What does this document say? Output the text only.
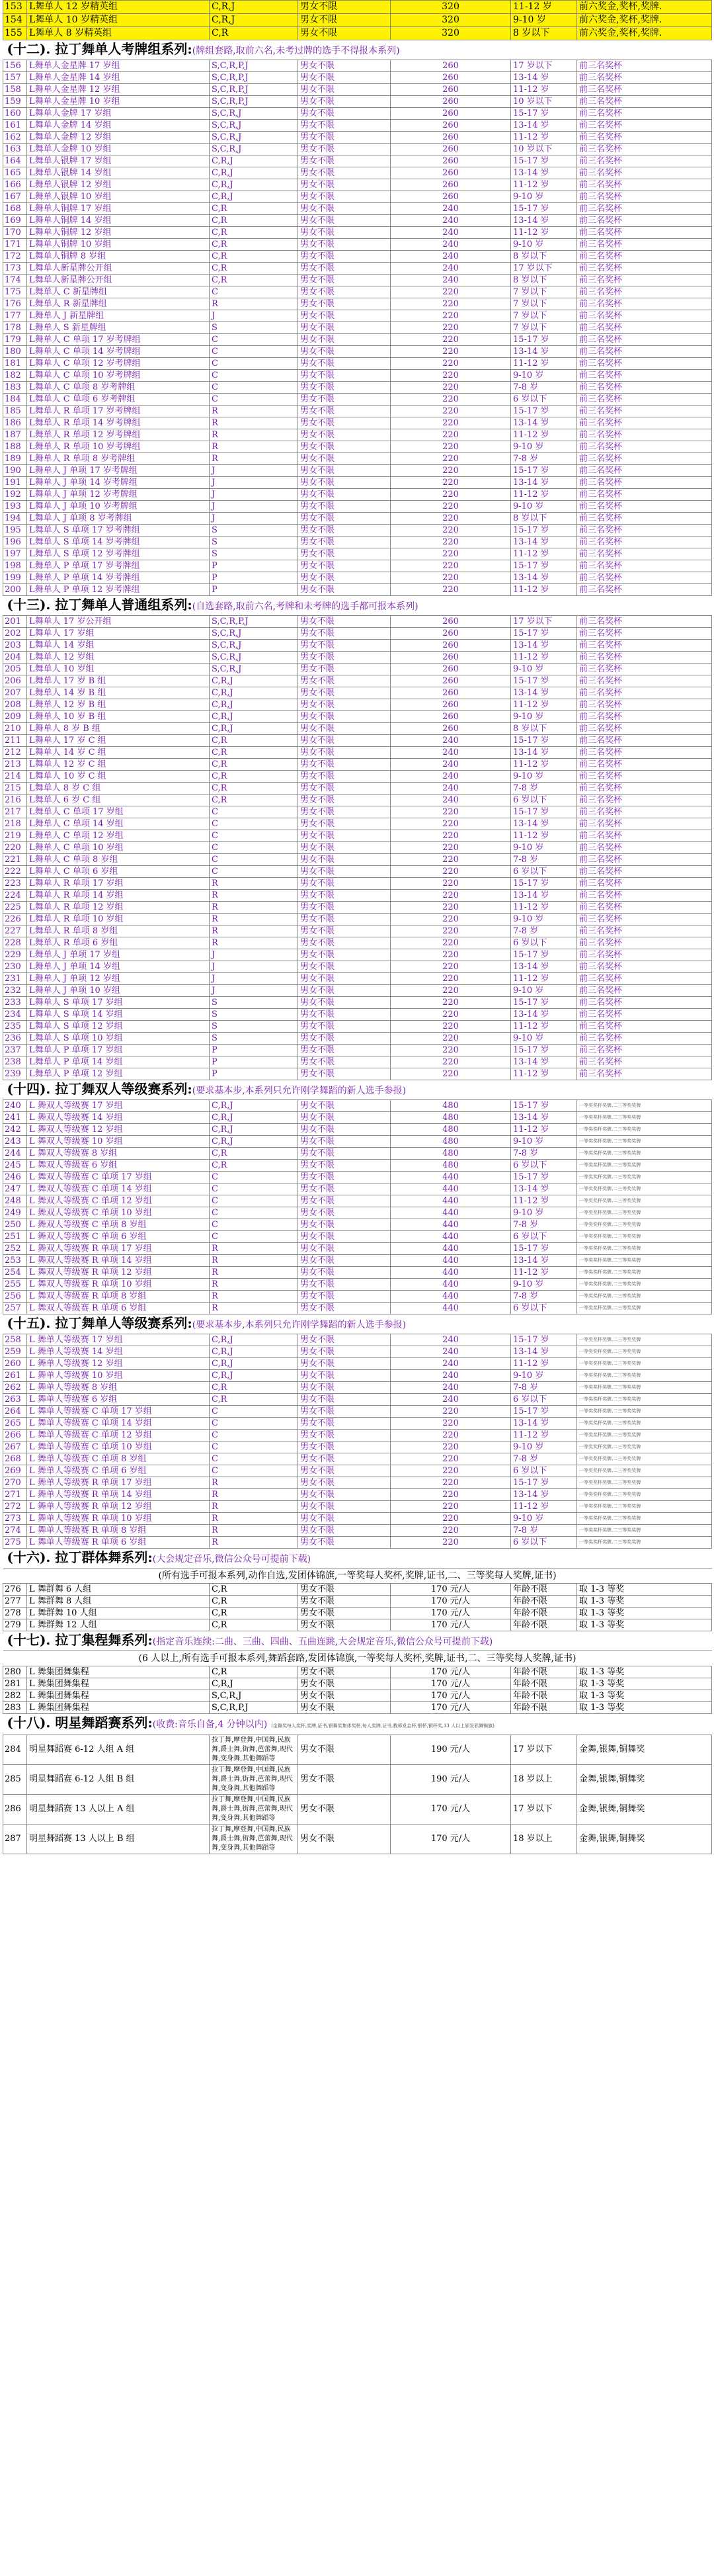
153	L舞单人 12 岁精英组	C,R,J	男女不限	320	11-12 岁	前六奖金,奖杯,奖牌.
154	L舞单人 10 岁精英组	C,R,J	男女不限	320	9-10 岁	前六奖金,奖杯,奖牌.
155	L舞单人 8 岁精英组	C,R	男女不限	320	8 岁以下	前六奖金,奖杯,奖牌.
(十二). 拉丁舞单人考牌组系列:(牌组套路,取前六名,未考过牌的选手不得报本系列)						
156	L舞单人金星牌 17 岁组	S,C,R,P,J	男女不限	260	17 岁以下	前三名奖杯
157	L舞单人金星牌 14 岁组	S,C,R,P,J	男女不限	260	13-14 岁	前三名奖杯
158	L舞单人金星牌 12 岁组	S,C,R,P,J	男女不限	260	11-12 岁	前三名奖杯
159	L舞单人金星牌 10 岁组	S,C,R,P,J	男女不限	260	10 岁以下	前三名奖杯
160	L舞单人金牌 17 岁组	S,C,R,J	男女不限	260	15-17 岁	前三名奖杯
161	L舞单人金牌 14 岁组	S,C,R,J	男女不限	260	13-14 岁	前三名奖杯
162	L舞单人金牌 12 岁组	S,C,R,J	男女不限	260	11-12 岁	前三名奖杯
163	L舞单人金牌 10 岁组	S,C,R,J	男女不限	260	10 岁以下	前三名奖杯
164	L舞单人银牌 17 岁组	C,R,J	男女不限	260	15-17 岁	前三名奖杯
165	L舞单人银牌 14 岁组	C,R,J	男女不限	260	13-14 岁	前三名奖杯
166	L舞单人银牌 12 岁组	C,R,J	男女不限	260	11-12 岁	前三名奖杯
167	L舞单人银牌 10 岁组	C,R,J	男女不限	260	9-10 岁	前三名奖杯
168	L舞单人铜牌 17 岁组	C,R	男女不限	240	15-17 岁	前三名奖杯
169	L舞单人铜牌 14 岁组	C,R	男女不限	240	13-14 岁	前三名奖杯
170	L舞单人铜牌 12 岁组	C,R	男女不限	240	11-12 岁	前三名奖杯
171	L舞单人铜牌 10 岁组	C,R	男女不限	240	9-10 岁	前三名奖杯
172	L舞单人铜牌 8 岁组	C,R	男女不限	240	8 岁以下	前三名奖杯
173	L舞单人新星牌公开组	C,R	男女不限	240	17 岁以下	前三名奖杯
174	L舞单人新星牌公开组	C,R	男女不限	240	8 岁以下	前三名奖杯
175	L舞单人 C 新星牌组	C	男女不限	220	7 岁以下	前三名奖杯
176	L舞单人 R 新星牌组	R	男女不限	220	7 岁以下	前三名奖杯
177	L舞单人 J 新星牌组	J	男女不限	220	7 岁以下	前三名奖杯
178	L舞单人 S 新星牌组	S	男女不限	220	7 岁以下	前三名奖杯
179	L舞单人 C 单项 17 岁考牌组	C	男女不限	220	15-17 岁	前三名奖杯
180	L舞单人 C 单项 14 岁考牌组	C	男女不限	220	13-14 岁	前三名奖杯
181	L舞单人 C 单项 12 岁考牌组	C	男女不限	220	11-12 岁	前三名奖杯
182	L舞单人 C 单项 10 岁考牌组	C	男女不限	220	9-10 岁	前三名奖杯
183	L舞单人 C 单项 8 岁考牌组	C	男女不限	220	7-8 岁	前三名奖杯
184	L舞单人 C 单项 6 岁考牌组	C	男女不限	220	6 岁以下	前三名奖杯
185	L舞单人 R 单项 17 岁考牌组	R	男女不限	220	15-17 岁	前三名奖杯
186	L舞单人 R 单项 14 岁考牌组	R	男女不限	220	13-14 岁	前三名奖杯
187	L舞单人 R 单项 12 岁考牌组	R	男女不限	220	11-12 岁	前三名奖杯
188	L舞单人 R 单项 10 岁考牌组	R	男女不限	220	9-10 岁	前三名奖杯
189	L舞单人 R 单项 8 岁考牌组	R	男女不限	220	7-8 岁	前三名奖杯
190	L舞单人 J 单项 17 岁考牌组	J	男女不限	220	15-17 岁	前三名奖杯
191	L舞单人 J 单项 14 岁考牌组	J	男女不限	220	13-14 岁	前三名奖杯
192	L舞单人 J 单项 12 岁考牌组	J	男女不限	220	11-12 岁	前三名奖杯
193	L舞单人 J 单项 10 岁考牌组	J	男女不限	220	9-10 岁	前三名奖杯
194	L舞单人 J 单项 8 岁考牌组	J	男女不限	220	8 岁以下	前三名奖杯
195	L舞单人 S 单项 17 岁考牌组	S	男女不限	220	15-17 岁	前三名奖杯
196	L舞单人 S 单项 14 岁考牌组	S	男女不限	220	13-14 岁	前三名奖杯
197	L舞单人 S 单项 12 岁考牌组	S	男女不限	220	11-12 岁	前三名奖杯
198	L舞单人 P 单项 17 岁考牌组	P	男女不限	220	15-17 岁	前三名奖杯
199	L舞单人 P 单项 14 岁考牌组	P	男女不限	220	13-14 岁	前三名奖杯
200	L舞单人 P 单项 12 岁考牌组	P	男女不限	220	11-12 岁	前三名奖杯
(十三). 拉丁舞单人普通组系列:(自选套路,取前六名,考牌和未考牌的选手都可报本系列)						
201	L舞单人 17 岁公开组	S,C,R,P,J	男女不限	260	17 岁以下	前三名奖杯
202	L舞单人 17 岁组	S,C,R,J	男女不限	260	15-17 岁	前三名奖杯
203	L舞单人 14 岁组	S,C,R,J	男女不限	260	13-14 岁	前三名奖杯
204	L舞单人 12 岁组	S,C,R,J	男女不限	260	11-12 岁	前三名奖杯
205	L舞单人 10 岁组	S,C,R,J	男女不限	260	9-10 岁	前三名奖杯
206	L舞单人 17 岁 B 组	C,R,J	男女不限	260	15-17 岁	前三名奖杯
207	L舞单人 14 岁 B 组	C,R,J	男女不限	260	13-14 岁	前三名奖杯
208	L舞单人 12 岁 B 组	C,R,J	男女不限	260	11-12 岁	前三名奖杯
209	L舞单人 10 岁 B 组	C,R,J	男女不限	260	9-10 岁	前三名奖杯
210	L舞单人 8 岁 B 组	C,R,J	男女不限	260	8 岁以下	前三名奖杯
211	L舞单人 17 岁 C 组	C,R	男女不限	240	15-17 岁	前三名奖杯
212	L舞单人 14 岁 C 组	C,R	男女不限	240	13-14 岁	前三名奖杯
213	L舞单人 12 岁 C 组	C,R	男女不限	240	11-12 岁	前三名奖杯
214	L舞单人 10 岁 C 组	C,R	男女不限	240	9-10 岁	前三名奖杯
215	L舞单人 8 岁 C 组	C,R	男女不限	240	7-8 岁	前三名奖杯
216	L舞单人 6 岁 C 组	C,R	男女不限	240	6 岁以下	前三名奖杯
217	L舞单人 C 单项 17 岁组	C	男女不限	220	15-17 岁	前三名奖杯
218	L舞单人 C 单项 14 岁组	C	男女不限	220	13-14 岁	前三名奖杯
219	L舞单人 C 单项 12 岁组	C	男女不限	220	11-12 岁	前三名奖杯
220	L舞单人 C 单项 10 岁组	C	男女不限	220	9-10 岁	前三名奖杯
221	L舞单人 C 单项 8 岁组	C	男女不限	220	7-8 岁	前三名奖杯
222	L舞单人 C 单项 6 岁组	C	男女不限	220	6 岁以下	前三名奖杯
223	L舞单人 R 单项 17 岁组	R	男女不限	220	15-17 岁	前三名奖杯
224	L舞单人 R 单项 14 岁组	R	男女不限	220	13-14 岁	前三名奖杯
225	L舞单人 R 单项 12 岁组	R	男女不限	220	11-12 岁	前三名奖杯
226	L舞单人 R 单项 10 岁组	R	男女不限	220	9-10 岁	前三名奖杯
227	L舞单人 R 单项 8 岁组	R	男女不限	220	7-8 岁	前三名奖杯
228	L舞单人 R 单项 6 岁组	R	男女不限	220	6 岁以下	前三名奖杯
229	L舞单人 J 单项 17 岁组	J	男女不限	220	15-17 岁	前三名奖杯
230	L舞单人 J 单项 14 岁组	J	男女不限	220	13-14 岁	前三名奖杯
231	L舞单人 J 单项 12 岁组	J	男女不限	220	11-12 岁	前三名奖杯
232	L舞单人 J 单项 10 岁组	J	男女不限	220	9-10 岁	前三名奖杯
233	L舞单人 S 单项 17 岁组	S	男女不限	220	15-17 岁	前三名奖杯
234	L舞单人 S 单项 14 岁组	S	男女不限	220	13-14 岁	前三名奖杯
235	L舞单人 S 单项 12 岁组	S	男女不限	220	11-12 岁	前三名奖杯
236	L舞单人 S 单项 10 岁组	S	男女不限	220	9-10 岁	前三名奖杯
237	L舞单人 P 单项 17 岁组	P	男女不限	220	15-17 岁	前三名奖杯
238	L舞单人 P 单项 14 岁组	P	男女不限	220	13-14 岁	前三名奖杯
239	L舞单人 P 单项 12 岁组	P	男女不限	220	11-12 岁	前三名奖杯
(十四). 拉丁舞双人等级赛系列:(要求基本步,本系列只允许刚学舞蹈的新人选手参报)						
240	L 舞双人等级赛 17 岁组	C,R,J	男女不限	480	15-17 岁	一等奖奖杯奖牌,二三等奖奖牌
241	L 舞双人等级赛 14 岁组	C,R,J	男女不限	480	13-14 岁	一等奖奖杯奖牌,二三等奖奖牌
242	L 舞双人等级赛 12 岁组	C,R,J	男女不限	480	11-12 岁	一等奖奖杯奖牌,二三等奖奖牌
243	L 舞双人等级赛 10 岁组	C,R,J	男女不限	480	9-10 岁	一等奖奖杯奖牌,二三等奖奖牌
244	L 舞双人等级赛 8 岁组	C,R	男女不限	480	7-8 岁	一等奖奖杯奖牌,二三等奖奖牌
245	L 舞双人等级赛 6 岁组	C,R	男女不限	480	6 岁以下	一等奖奖杯奖牌,二三等奖奖牌
246	L 舞双人等级赛 C 单项 17 岁组	C	男女不限	440	15-17 岁	一等奖奖杯奖牌,二三等奖奖牌
247	L 舞双人等级赛 C 单项 14 岁组	C	男女不限	440	13-14 岁	一等奖奖杯奖牌,二三等奖奖牌
248	L 舞双人等级赛 C 单项 12 岁组	C	男女不限	440	11-12 岁	一等奖奖杯奖牌,二三等奖奖牌
249	L 舞双人等级赛 C 单项 10 岁组	C	男女不限	440	9-10 岁	一等奖奖杯奖牌,二三等奖奖牌
250	L 舞双人等级赛 C 单项 8 岁组	C	男女不限	440	7-8 岁	一等奖奖杯奖牌,二三等奖奖牌
251	L 舞双人等级赛 C 单项 6 岁组	C	男女不限	440	6 岁以下	一等奖奖杯奖牌,二三等奖奖牌
252	L 舞双人等级赛 R 单项 17 岁组	R	男女不限	440	15-17 岁	一等奖奖杯奖牌,二三等奖奖牌
253	L 舞双人等级赛 R 单项 14 岁组	R	男女不限	440	13-14 岁	一等奖奖杯奖牌,二三等奖奖牌
254	L 舞双人等级赛 R 单项 12 岁组	R	男女不限	440	11-12 岁	一等奖奖杯奖牌,二三等奖奖牌
255	L 舞双人等级赛 R 单项 10 岁组	R	男女不限	440	9-10 岁	一等奖奖杯奖牌,二三等奖奖牌
256	L 舞双人等级赛 R 单项 8 岁组	R	男女不限	440	7-8 岁	一等奖奖杯奖牌,二三等奖奖牌
257	L 舞双人等级赛 R 单项 6 岁组	R	男女不限	440	6 岁以下	一等奖奖杯奖牌,二三等奖奖牌
(十五). 拉丁舞单人等级赛系列:(要求基本步,本系列只允许刚学舞蹈的新人选手参报)						
258	L 舞单人等级赛 17 岁组	C,R,J	男女不限	240	15-17 岁	一等奖奖杯奖牌,二三等奖奖牌
259	L 舞单人等级赛 14 岁组	C,R,J	男女不限	240	13-14 岁	一等奖奖杯奖牌,二三等奖奖牌
260	L 舞单人等级赛 12 岁组	C,R,J	男女不限	240	11-12 岁	一等奖奖杯奖牌,二三等奖奖牌
261	L 舞单人等级赛 10 岁组	C,R,J	男女不限	240	9-10 岁	一等奖奖杯奖牌,二三等奖奖牌
262	L 舞单人等级赛 8 岁组	C,R	男女不限	240	7-8 岁	一等奖奖杯奖牌,二三等奖奖牌
263	L 舞单人等级赛 6 岁组	C,R	男女不限	240	6 岁以下	一等奖奖杯奖牌,二三等奖奖牌
264	L 舞单人等级赛 C 单项 17 岁组	C	男女不限	220	15-17 岁	一等奖奖杯奖牌,二三等奖奖牌
265	L 舞单人等级赛 C 单项 14 岁组	C	男女不限	220	13-14 岁	一等奖奖杯奖牌,二三等奖奖牌
266	L 舞单人等级赛 C 单项 12 岁组	C	男女不限	220	11-12 岁	一等奖奖杯奖牌,二三等奖奖牌
267	L 舞单人等级赛 C 单项 10 岁组	C	男女不限	220	9-10 岁	一等奖奖杯奖牌,二三等奖奖牌
268	L 舞单人等级赛 C 单项 8 岁组	C	男女不限	220	7-8 岁	一等奖奖杯奖牌,二三等奖奖牌
269	L 舞单人等级赛 C 单项 6 岁组	C	男女不限	220	6 岁以下	一等奖奖杯奖牌,二三等奖奖牌
270	L 舞单人等级赛 R 单项 17 岁组	R	男女不限	220	15-17 岁	一等奖奖杯奖牌,二三等奖奖牌
271	L 舞单人等级赛 R 单项 14 岁组	R	男女不限	220	13-14 岁	一等奖奖杯奖牌,二三等奖奖牌
272	L 舞单人等级赛 R 单项 12 岁组	R	男女不限	220	11-12 岁	一等奖奖杯奖牌,二三等奖奖牌
273	L 舞单人等级赛 R 单项 10 岁组	R	男女不限	220	9-10 岁	一等奖奖杯奖牌,二三等奖奖牌
274	L 舞单人等级赛 R 单项 8 岁组	R	男女不限	220	7-8 岁	一等奖奖杯奖牌,二三等奖奖牌
275	L 舞单人等级赛 R 单项 6 岁组	R	男女不限	220	6 岁以下	一等奖奖杯奖牌,二三等奖奖牌
(十六). 拉丁群体舞系列:(大会规定音乐,微信公众号可提前下载)						
(所有选手可报本系列,动作自选,发团体锦旗,一等奖每人奖杯,奖牌,证书,二、三等奖每人奖牌,证书)						
276	L 舞群舞 6 人组	C,R	男女不限	170 元/人	年龄不限	取 1-3 等奖
277	L 舞群舞 8 人组	C,R	男女不限	170 元/人	年龄不限	取 1-3 等奖
278	L 舞群舞 10 人组	C,R	男女不限	170 元/人	年龄不限	取 1-3 等奖
279	L 舞群舞 12 人组	C,R	男女不限	170 元/人	年龄不限	取 1-3 等奖
(十七). 拉丁集程舞系列:(指定音乐连续:二曲、三曲、四曲、五曲连跳,大会规定音乐,微信公众号可提前下载)						
(6 人以上,所有选手可报本系列,舞蹈套路,发团体锦旗,一等奖每人奖杯,奖牌,证书,二、三等奖每人奖牌,证书)						
280	L 舞集团舞集程	C,R	男女不限	170 元/人	年龄不限	取 1-3 等奖
281	L 舞集团舞集程	C,R,J	男女不限	170 元/人	年龄不限	取 1-3 等奖
282	L 舞集团舞集程	S,C,R,J	男女不限	170 元/人	年龄不限	取 1-3 等奖
283	L 舞集团舞集程	S,C,R,P,J	男女不限	170 元/人	年龄不限	取 1-3 等奖
(十八). 明星舞蹈赛系列:(收费:音乐自备,4 分钟以内) (金舞奖每人奖杯,奖牌,证书,银舞奖集体奖杯,每人奖牌,证书,教师发金杯,银杯,铜杯奖,13 人以上颁发彩舞锦旗)						
284	明星舞蹈赛 6-12 人组 A 组	拉丁舞,摩登舞,中国舞,民族舞,爵士舞,街舞,芭蕾舞,现代舞,变身舞,其他舞蹈等	男女不限	190 元/人	17 岁以下	金舞,银舞,铜舞奖
285	明星舞蹈赛 6-12 人组 B 组	拉丁舞,摩登舞,中国舞,民族舞,爵士舞,街舞,芭蕾舞,现代舞,变身舞,其他舞蹈等	男女不限	190 元/人	18 岁以上	金舞,银舞,铜舞奖
286	明星舞蹈赛 13 人以上 A 组	拉丁舞,摩登舞,中国舞,民族舞,爵士舞,街舞,芭蕾舞,现代舞,变身舞,其他舞蹈等	男女不限	170 元/人	17 岁以下	金舞,银舞,铜舞奖
287	明星舞蹈赛 13 人以上 B 组	拉丁舞,摩登舞,中国舞,民族舞,爵士舞,街舞,芭蕾舞,现代舞,变身舞,其他舞蹈等	男女不限	170 元/人	18 岁以上	金舞,银舞,铜舞奖
